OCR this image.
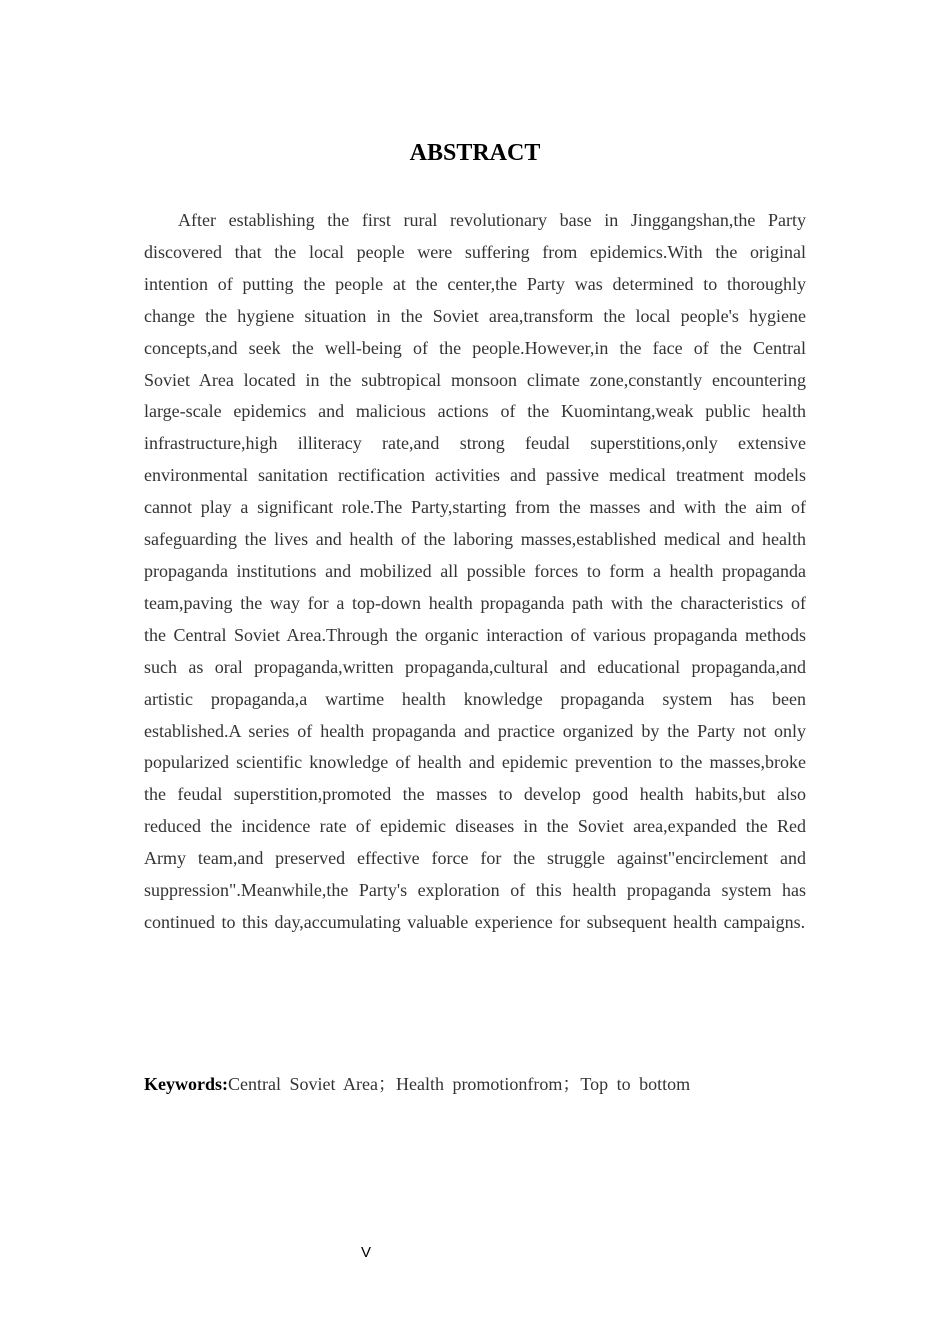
ABSTRACT

After establishing the first rural revolutionary base in Jinggangshan,the Party discovered that the local people were suffering from epidemics.With the original intention of putting the people at the center,the Party was determined to thoroughly change the hygiene situation in the Soviet area,transform the local people's hygiene concepts,and seek the well-being of the people.However,in the face of the Central Soviet Area located in the subtropical monsoon climate zone,constantly encountering large-scale epidemics and malicious actions of the Kuomintang,weak public health infrastructure,high illiteracy rate,and strong feudal superstitions,only extensive environmental sanitation rectification activities and passive medical treatment models cannot play a significant role.The Party,starting from the masses and with the aim of safeguarding the lives and health of the laboring masses,established medical and health propaganda institutions and mobilized all possible forces to form a health propaganda team,paving the way for a top-down health propaganda path with the characteristics of the Central Soviet Area.Through the organic interaction of various propaganda methods such as oral propaganda,written propaganda,cultural and educational propaganda,and artistic propaganda,a wartime health knowledge propaganda system has been established.A series of health propaganda and practice organized by the Party not only popularized scientific knowledge of health and epidemic prevention to the masses,broke the feudal superstition,promoted the masses to develop good health habits,but also reduced the incidence rate of epidemic diseases in the Soviet area,expanded the Red Army team,and preserved effective force for the struggle against"encirclement and suppression".Meanwhile,the Party's exploration of this health propaganda system has continued to this day,accumulating valuable experience for subsequent health campaigns.

Keywords:Central Soviet Area；Health promotionfrom；Top to bottom

V
